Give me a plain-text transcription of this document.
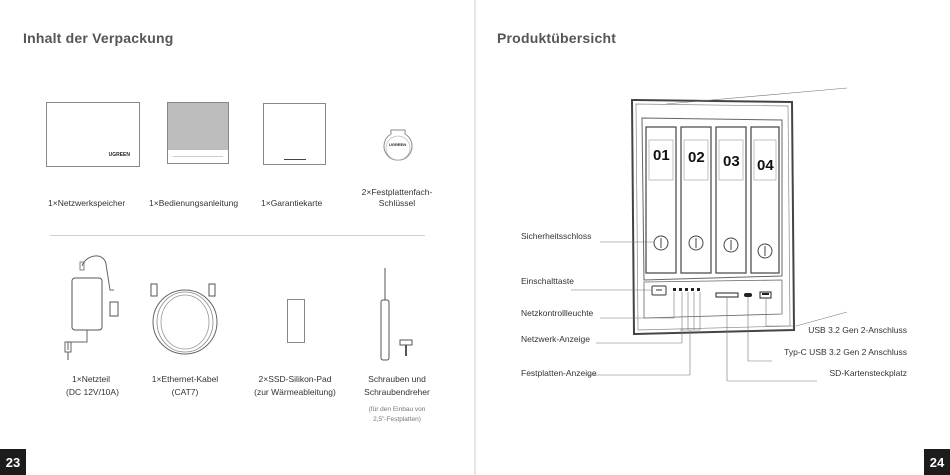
Inhalt der Verpackung
UGREEN
UGREEN
1×Netzwerkspeicher	1×Bedienungsanleitung	1×Garantiekarte
2×Festplattenfach-
Schlüssel
1×Netzteil
(DC 12V/10A)
1×Ethernet-Kabel
(CAT7)
2×SSD-Silikon-Pad
(zur Wärmeableitung)
Schrauben und
Schraubendreher
(für den Einbau von
2,5"-Festplatten)
23
Produktübersicht
01 02 03 04
Sicherheitsschloss
Einschalttaste
Netzkontrollleuchte
Netzwerk-Anzeige
Festplatten-Anzeige
USB 3.2 Gen 2-Anschluss
Typ-C USB 3.2 Gen 2 Anschluss
SD-Kartensteckplatz
24
